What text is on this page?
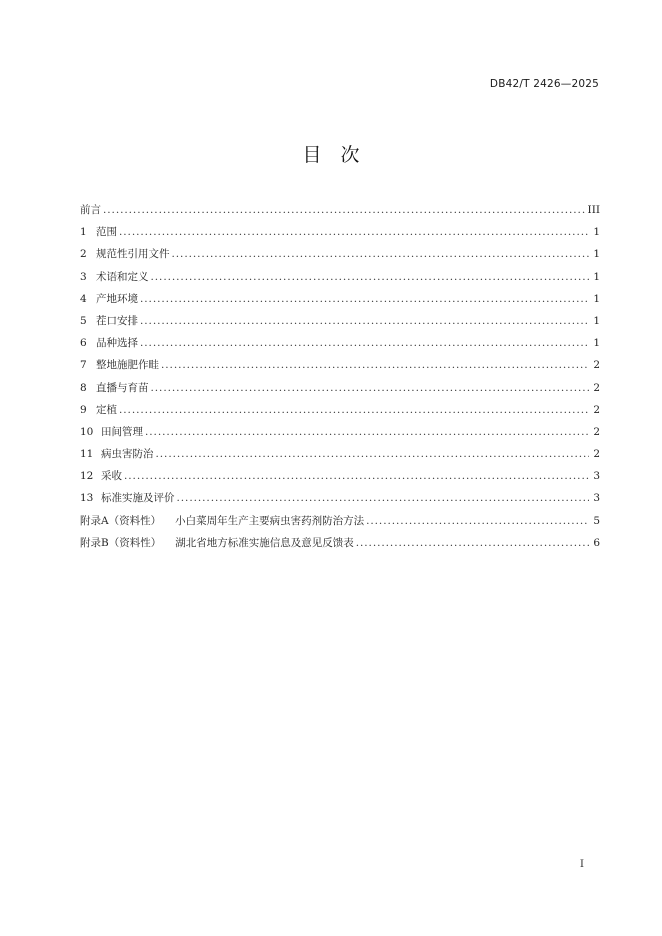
DB42/T 2426—2025
目　次
前言 . . .	III
1 范围 . . .	1
2 规范性引用文件 . . .	1
3 术语和定义 . . .	1
4 产地环境 . . .	1
5 茬口安排 . . .	1
6 品种选择 . . .	1
7 整地施肥作畦 . . .	2
8 直播与育苗 . . .	2
9 定植 . . .	2
10 田间管理 . . .	2
11 病虫害防治 . . .	2
12 采收 . . .	3
13 标准实施及评价 . . .	3
附录A（资料性） 小白菜周年生产主要病虫害药剂防治方法 . . .	5
附录B（资料性） 湖北省地方标准实施信息及意见反馈表 . . .	6
I
